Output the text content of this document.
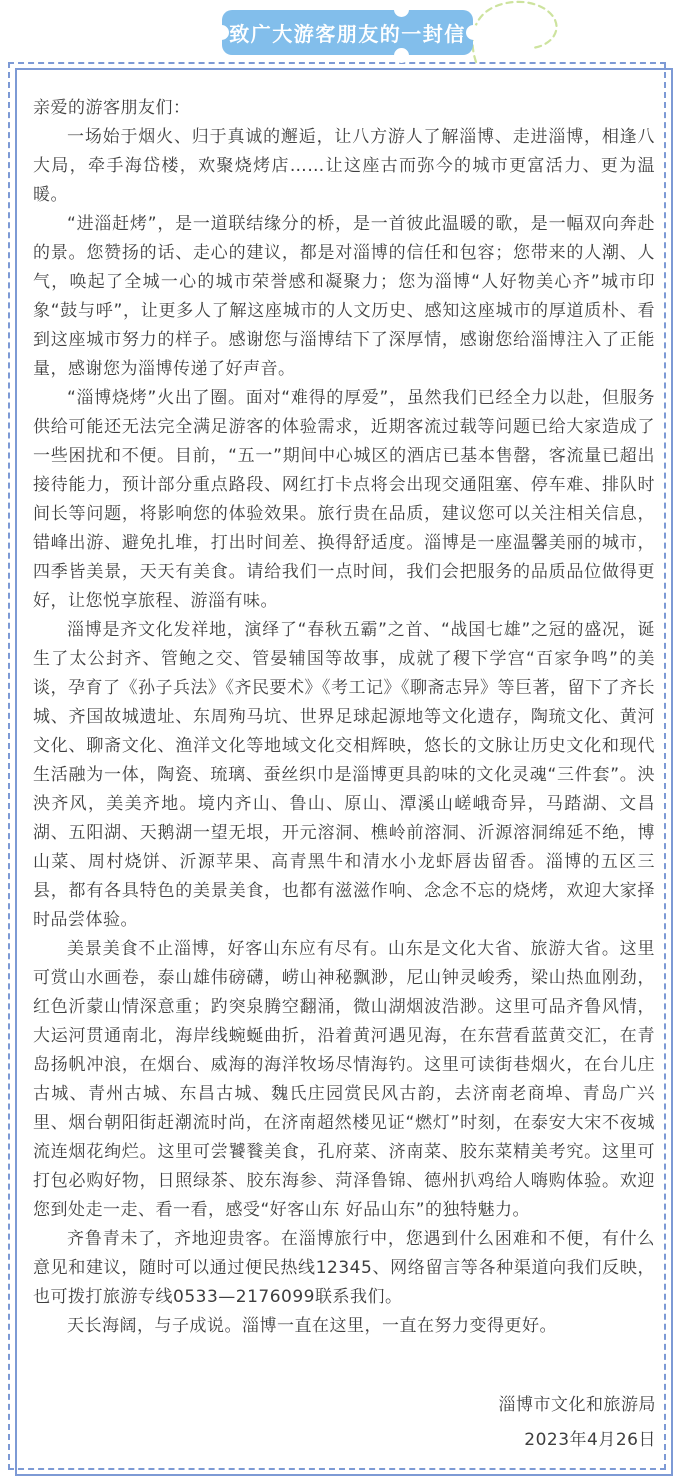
致广大游客朋友的一封信

亲爱的游客朋友们：

一场始于烟火、归于真诚的邂逅，让八方游人了解淄博、走进淄博，相逢八大局，牵手海岱楼，欢聚烧烤店……让这座古而弥今的城市更富活力、更为温暖。

“进淄赶烤”，是一道联结缘分的桥，是一首彼此温暖的歌，是一幅双向奔赴的景。您赞扬的话、走心的建议，都是对淄博的信任和包容；您带来的人潮、人气，唤起了全城一心的城市荣誉感和凝聚力；您为淄博“人好物美心齐”城市印象“鼓与呼”，让更多人了解这座城市的人文历史、感知这座城市的厚道质朴、看到这座城市努力的样子。感谢您与淄博结下了深厚情，感谢您给淄博注入了正能量，感谢您为淄博传递了好声音。

“淄博烧烤”火出了圈。面对“难得的厚爱”，虽然我们已经全力以赴，但服务供给可能还无法完全满足游客的体验需求，近期客流过载等问题已给大家造成了一些困扰和不便。目前，“五一”期间中心城区的酒店已基本售罄，客流量已超出接待能力，预计部分重点路段、网红打卡点将会出现交通阻塞、停车难、排队时间长等问题，将影响您的体验效果。旅行贵在品质，建议您可以关注相关信息，错峰出游、避免扎堆，打出时间差、换得舒适度。淄博是一座温馨美丽的城市，四季皆美景，天天有美食。请给我们一点时间，我们会把服务的品质品位做得更好，让您悦享旅程、游淄有味。

淄博是齐文化发祥地，演绎了“春秋五霸”之首、“战国七雄”之冠的盛况，诞生了太公封齐、管鲍之交、管晏辅国等故事，成就了稷下学宫“百家争鸣”的美谈，孕育了《孙子兵法》《齐民要术》《考工记》《聊斋志异》等巨著，留下了齐长城、齐国故城遗址、东周殉马坑、世界足球起源地等文化遗存，陶琉文化、黄河文化、聊斋文化、渔洋文化等地域文化交相辉映，悠长的文脉让历史文化和现代生活融为一体，陶瓷、琉璃、蚕丝织巾是淄博更具韵味的文化灵魂“三件套”。泱泱齐风，美美齐地。境内齐山、鲁山、原山、潭溪山嵯峨奇异，马踏湖、文昌湖、五阳湖、天鹅湖一望无垠，开元溶洞、樵岭前溶洞、沂源溶洞绵延不绝，博山菜、周村烧饼、沂源苹果、高青黑牛和清水小龙虾唇齿留香。淄博的五区三县，都有各具特色的美景美食，也都有滋滋作响、念念不忘的烧烤，欢迎大家择时品尝体验。

美景美食不止淄博，好客山东应有尽有。山东是文化大省、旅游大省。这里可赏山水画卷，泰山雄伟磅礴，崂山神秘飘渺，尼山钟灵峻秀，梁山热血刚劲，红色沂蒙山情深意重；趵突泉腾空翻涌，微山湖烟波浩渺。这里可品齐鲁风情，大运河贯通南北，海岸线蜿蜒曲折，沿着黄河遇见海，在东营看蓝黄交汇，在青岛扬帆冲浪，在烟台、威海的海洋牧场尽情海钓。这里可读街巷烟火，在台儿庄古城、青州古城、东昌古城、魏氏庄园赏民风古韵，去济南老商埠、青岛广兴里、烟台朝阳街赶潮流时尚，在济南超然楼见证“燃灯”时刻，在泰安大宋不夜城流连烟花绚烂。这里可尝饕餮美食，孔府菜、济南菜、胶东菜精美考究。这里可打包必购好物，日照绿茶、胶东海参、菏泽鲁锦、德州扒鸡给人嗨购体验。欢迎您到处走一走、看一看，感受“好客山东 好品山东”的独特魅力。

齐鲁青未了，齐地迎贵客。在淄博旅行中，您遇到什么困难和不便，有什么意见和建议，随时可以通过便民热线12345、网络留言等各种渠道向我们反映，也可拨打旅游专线0533—2176099联系我们。

天长海阔，与子成说。淄博一直在这里，一直在努力变得更好。

淄博市文化和旅游局

2023年4月26日
